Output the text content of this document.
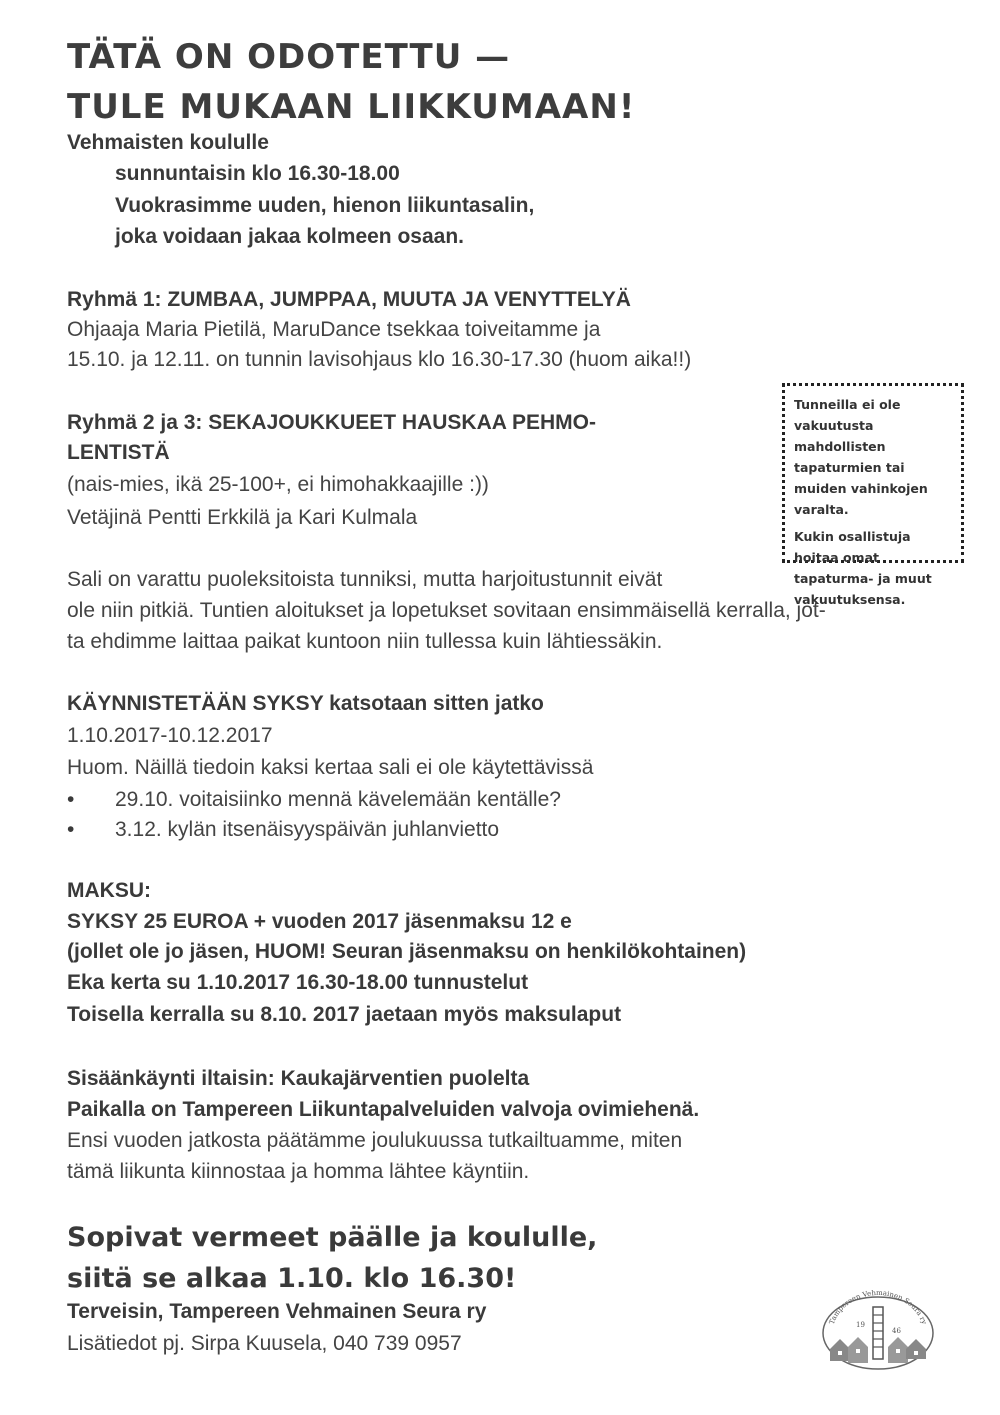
TÄTÄ ON ODOTETTU —
TULE MUKAAN LIIKKUMAAN!
Vehmaisten koululle
sunnuntaisin klo 16.30-18.00
Vuokrasimme uuden, hienon liikuntasalin,
joka voidaan jakaa kolmeen osaan.
Ryhmä 1: ZUMBAA, JUMPPAA, MUUTA JA VENYTTELYÄ
Ohjaaja Maria Pietilä, MaruDance tsekkaa toiveitamme ja
15.10. ja 12.11. on tunnin lavisohjaus klo 16.30-17.30 (huom aika!!)
Ryhmä 2 ja 3: SEKAJOUKKUEET HAUSKAA PEHMO-
LENTISTÄ
(nais-mies, ikä 25-100+, ei himohakkaajille :))
Vetäjinä Pentti Erkkilä ja Kari Kulmala

Tunneilla ei ole vakuutusta mahdollisten tapaturmien tai muiden vahinkojen varalta.

Kukin osallistuja hoitaa omat tapaturma- ja muut vakuutuksensa.

Sali on varattu puoleksitoista tunniksi, mutta harjoitustunnit eivät
ole niin pitkiä. Tuntien aloitukset ja lopetukset sovitaan ensimmäisellä kerralla, jot-
ta ehdimme laittaa paikat kuntoon niin tullessa kuin lähtiessäkin.
KÄYNNISTETÄÄN SYKSY katsotaan sitten jatko
1.10.2017-10.12.2017
Huom. Näillä tiedoin kaksi kertaa sali ei ole käytettävissä
• 29.10. voitaisiinko mennä kävelemään kentälle?
• 3.12. kylän itsenäisyyspäivän juhlanvietto
MAKSU:
SYKSY 25 EUROA + vuoden 2017 jäsenmaksu 12 e
(jollet ole jo jäsen, HUOM! Seuran jäsenmaksu on henkilökohtainen)
Eka kerta su 1.10.2017 16.30-18.00 tunnustelut
Toisella kerralla su 8.10. 2017 jaetaan myös maksulaput
Sisäänkäynti iltaisin: Kaukajärventien puolelta
Paikalla on Tampereen Liikuntapalveluiden valvoja ovimiehenä.
Ensi vuoden jatkosta päätämme joulukuussa tutkailtuamme, miten
tämä liikunta kiinnostaa ja homma lähtee käyntiin.
Sopivat vermeet päälle ja koululle,
siitä se alkaa 1.10. klo 16.30!
Terveisin, Tampereen Vehmainen Seura ry
Lisätiedot pj. Sirpa Kuusela, 040 739 0957
Tampereen Vehmainen Seura ry
19
46
